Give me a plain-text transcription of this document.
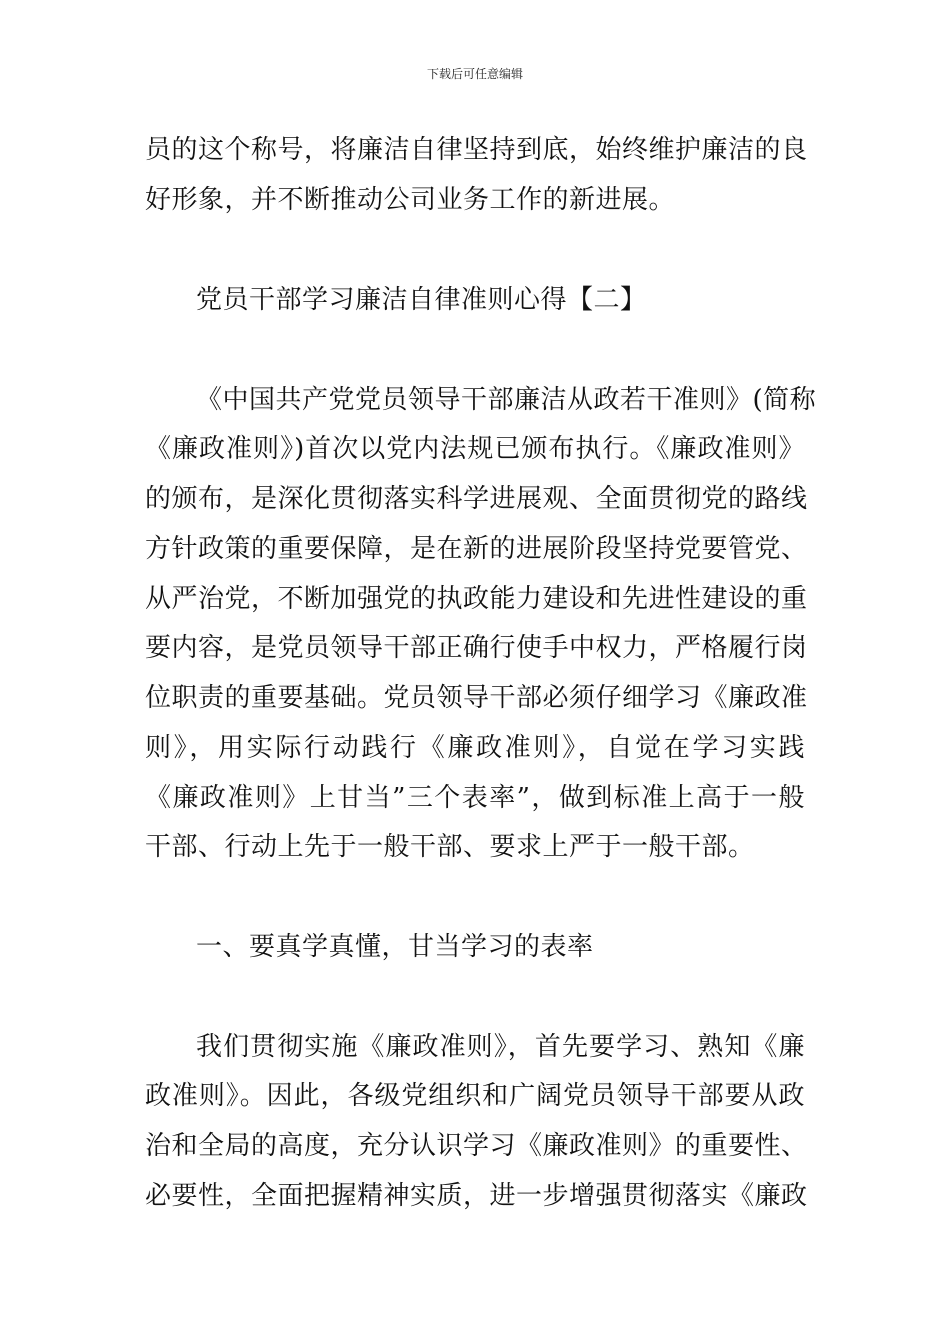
下载后可任意编辑
员的这个称号，将廉洁自律坚持到底，始终维护廉洁的良
好形象，并不断推动公司业务工作的新进展。
党员干部学习廉洁自律准则心得【二】
《中国共产党党员领导干部廉洁从政若干准则》(简称
《廉政准则》)首次以党内法规已颁布执行。《廉政准则》
的颁布，是深化贯彻落实科学进展观、全面贯彻党的路线
方针政策的重要保障，是在新的进展阶段坚持党要管党、
从严治党，不断加强党的执政能力建设和先进性建设的重
要内容，是党员领导干部正确行使手中权力，严格履行岗
位职责的重要基础。党员领导干部必须仔细学习《廉政准
则》，用实际行动践行《廉政准则》，自觉在学习实践
《廉政准则》上甘当”三个表率”，做到标准上高于一般
干部、行动上先于一般干部、要求上严于一般干部。
一、要真学真懂，甘当学习的表率
我们贯彻实施《廉政准则》，首先要学习、熟知《廉
政准则》。因此，各级党组织和广阔党员领导干部要从政
治和全局的高度，充分认识学习《廉政准则》的重要性、
必要性，全面把握精神实质，进一步增强贯彻落实《廉政
